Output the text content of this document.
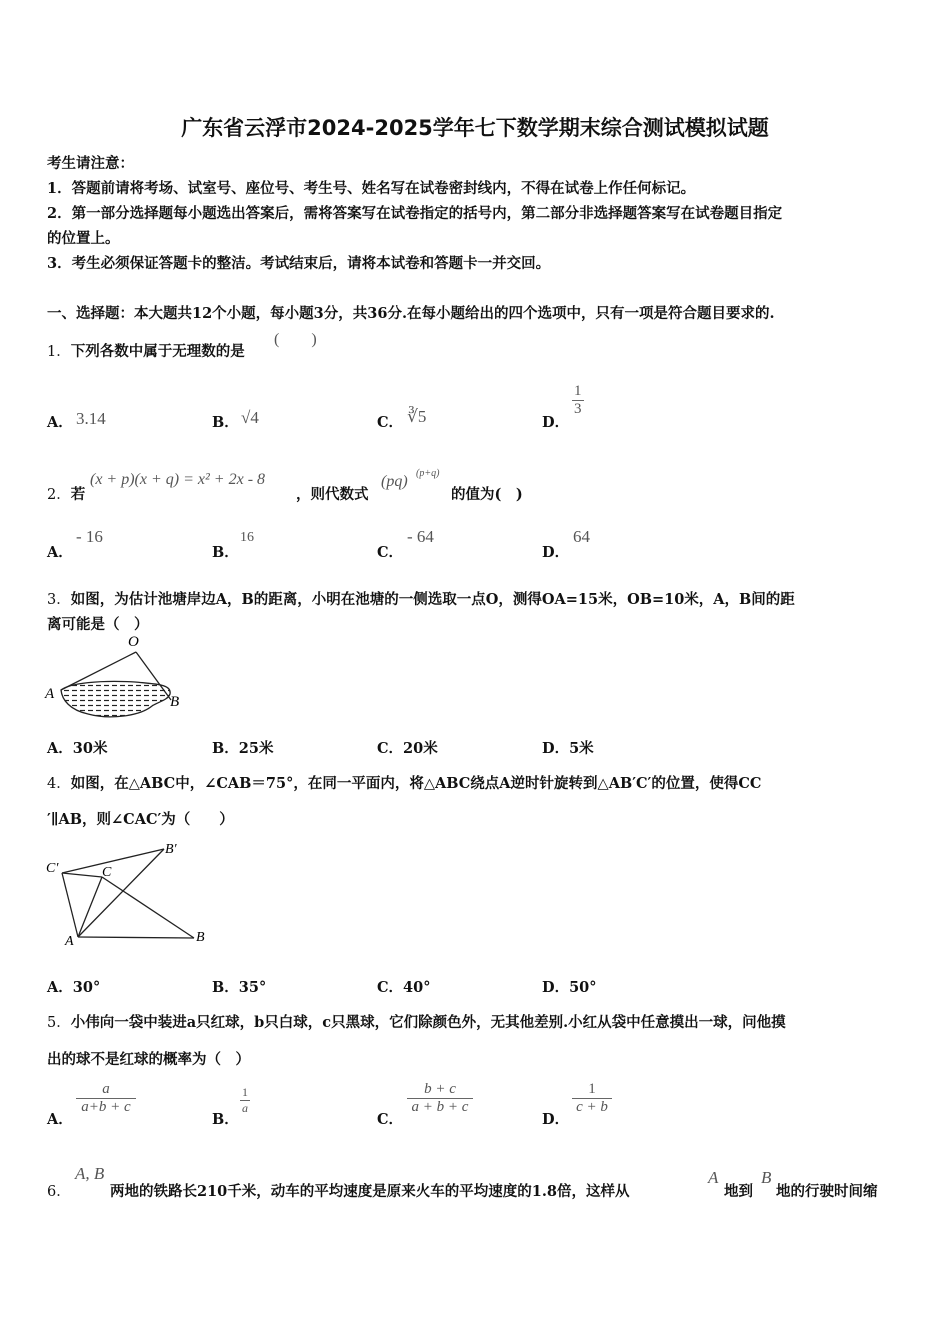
广东省云浮市2024-2025学年七下数学期末综合测试模拟试题
考生请注意：
1．答题前请将考场、试室号、座位号、考生号、姓名写在试卷密封线内，不得在试卷上作任何标记。
2．第一部分选择题每小题选出答案后，需将答案写在试卷指定的括号内，第二部分非选择题答案写在试卷题目指定
的位置上。
3．考生必须保证答题卡的整洁。考试结束后，请将本试卷和答题卡一并交回。
一、选择题：本大题共12个小题，每小题3分，共36分.在每小题给出的四个选项中，只有一项是符合题目要求的.
1．下列各数中属于无理数的是
(　　)
A． 3.14	B． √4	C． ∛5	D．
$\frac{1}{3}$
2．若
(x + p)(x + q) = x² + 2x - 8
，则代数式
(pq) (p+q)
的值为(　)
A．
- 16
B．
16
C．
- 64
D．
64
3．如图，为估计池塘岸边A，B的距离，小明在池塘的一侧选取一点O，测得OA=15米，OB=10米，A，B间的距
离可能是（　）
O
A	B
A．30米	B．25米	C．20米	D．5米
4．如图，在△ABC中，∠CAB＝75°，在同一平面内，将△ABC绕点A逆时针旋转到△AB′C′的位置，使得CC
′∥AB，则∠CAC′为（　　）
C′	C
B′
A	B
A．30°	B．35°	C．40°	D．50°
5．小伟向一袋中装进a只红球，b只白球，c只黑球，它们除颜色外，无其他差别.小红从袋中任意摸出一球，问他摸
出的球不是红球的概率为（　）
A．
$\frac{a}{a+b + c}$
B．
$\frac{1}{a}$
C．
$\frac{b + c}{a + b + c}$
D．
$\frac{1}{c + b}$
6．
A, B
两地的铁路长210千米，动车的平均速度是原来火车的平均速度的1.8倍，这样从
A
地到
B
地的行驶时间缩
